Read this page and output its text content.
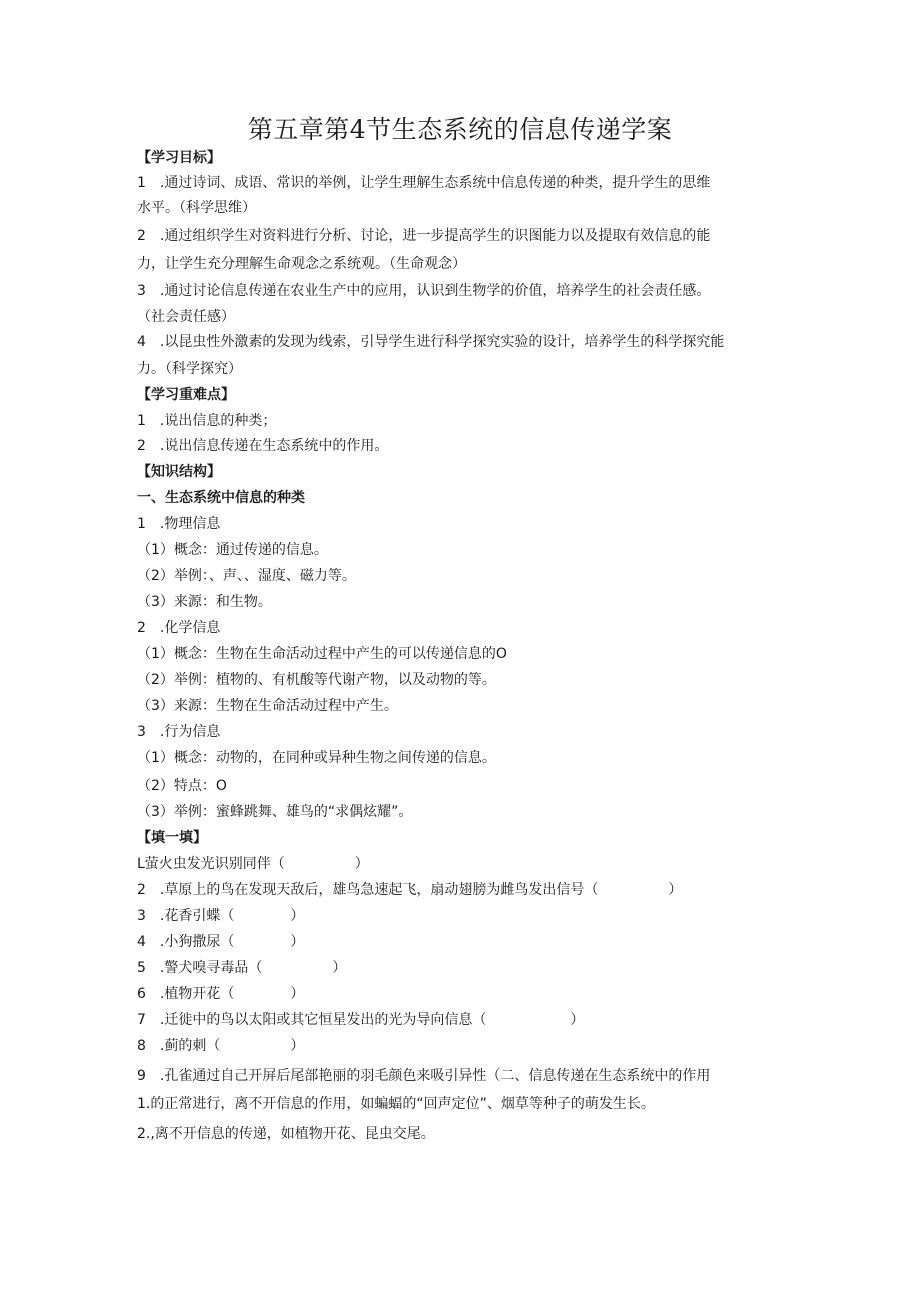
第五章第4节生态系统的信息传递学案
【学习目标】
1　.通过诗词、成语、常识的举例，让学生理解生态系统中信息传递的种类，提升学生的思维
水平。（科学思维）
2　.通过组织学生对资料进行分析、讨论，进一步提高学生的识图能力以及提取有效信息的能
力，让学生充分理解生命观念之系统观。（生命观念）
3　.通过讨论信息传递在农业生产中的应用，认识到生物学的价值，培养学生的社会责任感。
（社会责任感）
4　.以昆虫性外激素的发现为线索，引导学生进行科学探究实验的设计，培养学生的科学探究能
力。（科学探究）
【学习重难点】
1　.说出信息的种类；
2　.说出信息传递在生态系统中的作用。
【知识结构】
一、生态系统中信息的种类
1　.物理信息
（1）概念：通过传递的信息。
（2）举例：、声、、湿度、磁力等。
（3）来源：和生物。
2　.化学信息
（1）概念：生物在生命活动过程中产生的可以传递信息的O
（2）举例：植物的、有机酸等代谢产物，以及动物的等。
（3）来源：生物在生命活动过程中产生。
3　.行为信息
（1）概念：动物的，在同种或异种生物之间传递的信息。
（2）特点：O
（3）举例：蜜蜂跳舞、雄鸟的“求偶炫耀”。
【填一填】
L萤火虫发光识别同伴（　　　　　）
2　.草原上的鸟在发现天敌后，雄鸟急速起飞，扇动翅膀为雌鸟发出信号（　　　　　）
3　.花香引蝶（　　　　）
4　.小狗撒尿（　　　　）
5　.警犬嗅寻毒品（　　　　　）
6　.植物开花（　　　　）
7　.迁徙中的鸟以太阳或其它恒星发出的光为导向信息（　　　　　　）
8　.蓟的刺（　　　　　）
9　.孔雀通过自己开屏后尾部艳丽的羽毛颜色来吸引异性（二、信息传递在生态系统中的作用
1.的正常进行，离不开信息的作用，如蝙蝠的“回声定位”、烟草等种子的萌发生长。
2.,离不开信息的传递，如植物开花、昆虫交尾。
